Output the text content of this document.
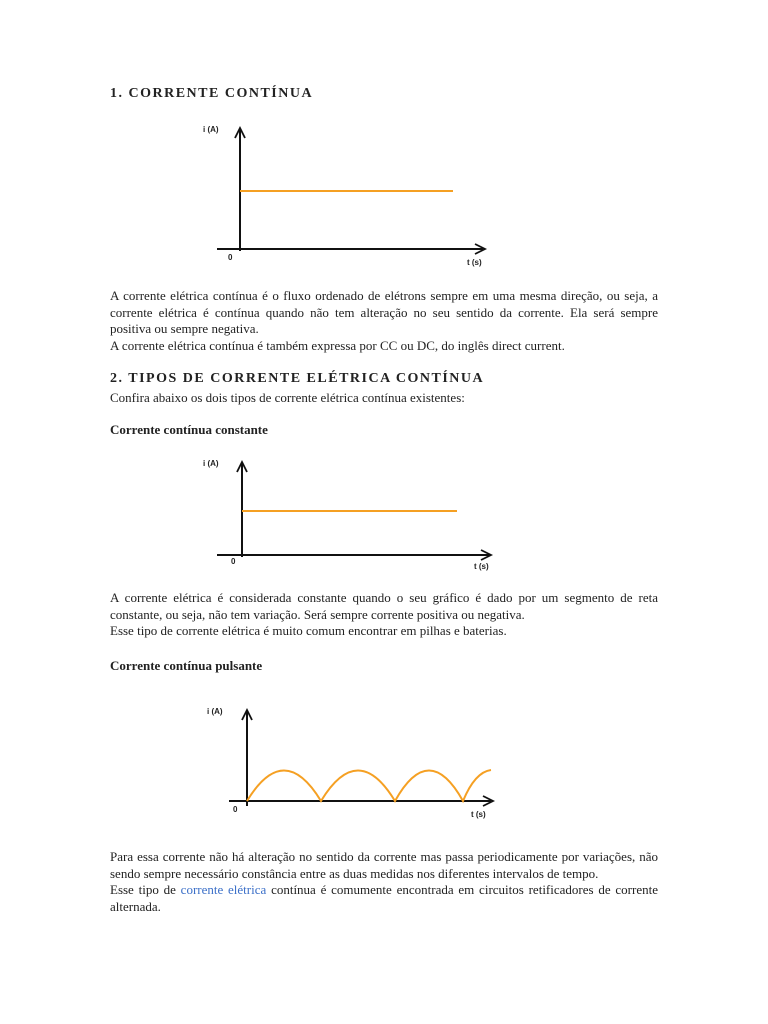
1. CORRENTE CONTÍNUA
i (A)
t (s)
0

A corrente elétrica contínua é o fluxo ordenado de elétrons sempre em uma mesma direção, ou seja, a corrente elétrica é contínua quando não tem alteração no seu sentido da corrente. Ela será sempre positiva ou sempre negativa.

A corrente elétrica contínua é também expressa por CC ou DC, do inglês direct current.

2. TIPOS DE CORRENTE ELÉTRICA CONTÍNUA
Confira abaixo os dois tipos de corrente elétrica contínua existentes:
Corrente contínua constante
i (A)
t (s)
0

A corrente elétrica é considerada constante quando o seu gráfico é dado por um segmento de reta constante, ou seja, não tem variação. Será sempre corrente positiva ou negativa.

Esse tipo de corrente elétrica é muito comum encontrar em pilhas e baterias.

Corrente contínua pulsante
i (A)
t (s)
0

Para essa corrente não há alteração no sentido da corrente mas passa periodicamente por variações, não sendo sempre necessário constância entre as duas medidas nos diferentes intervalos de tempo.

Esse tipo de corrente elétrica contínua é comumente encontrada em circuitos retificadores de corrente alternada.
